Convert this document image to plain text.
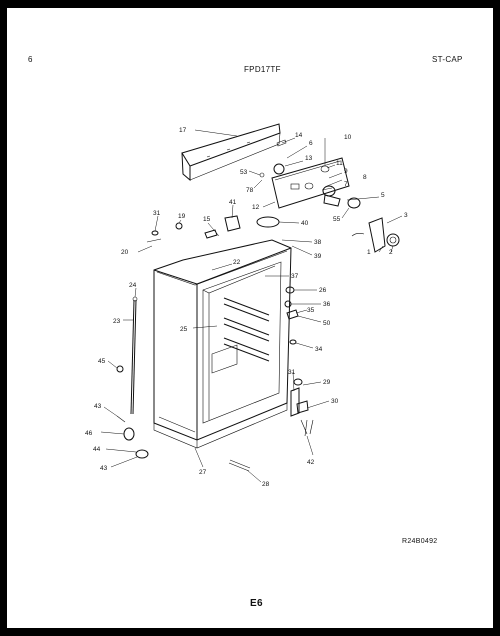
6
FPD17TF
ST-CAP
17
14
6
10
13
11
53	9
8
78
7
12
5
55
3
31	19	15
41
40
20
38
39
1	2
22
37
24
26
36
35
23	50
25
34
45
31
29
30
43
46
44
42
43
28
27
R24B0492
E6
